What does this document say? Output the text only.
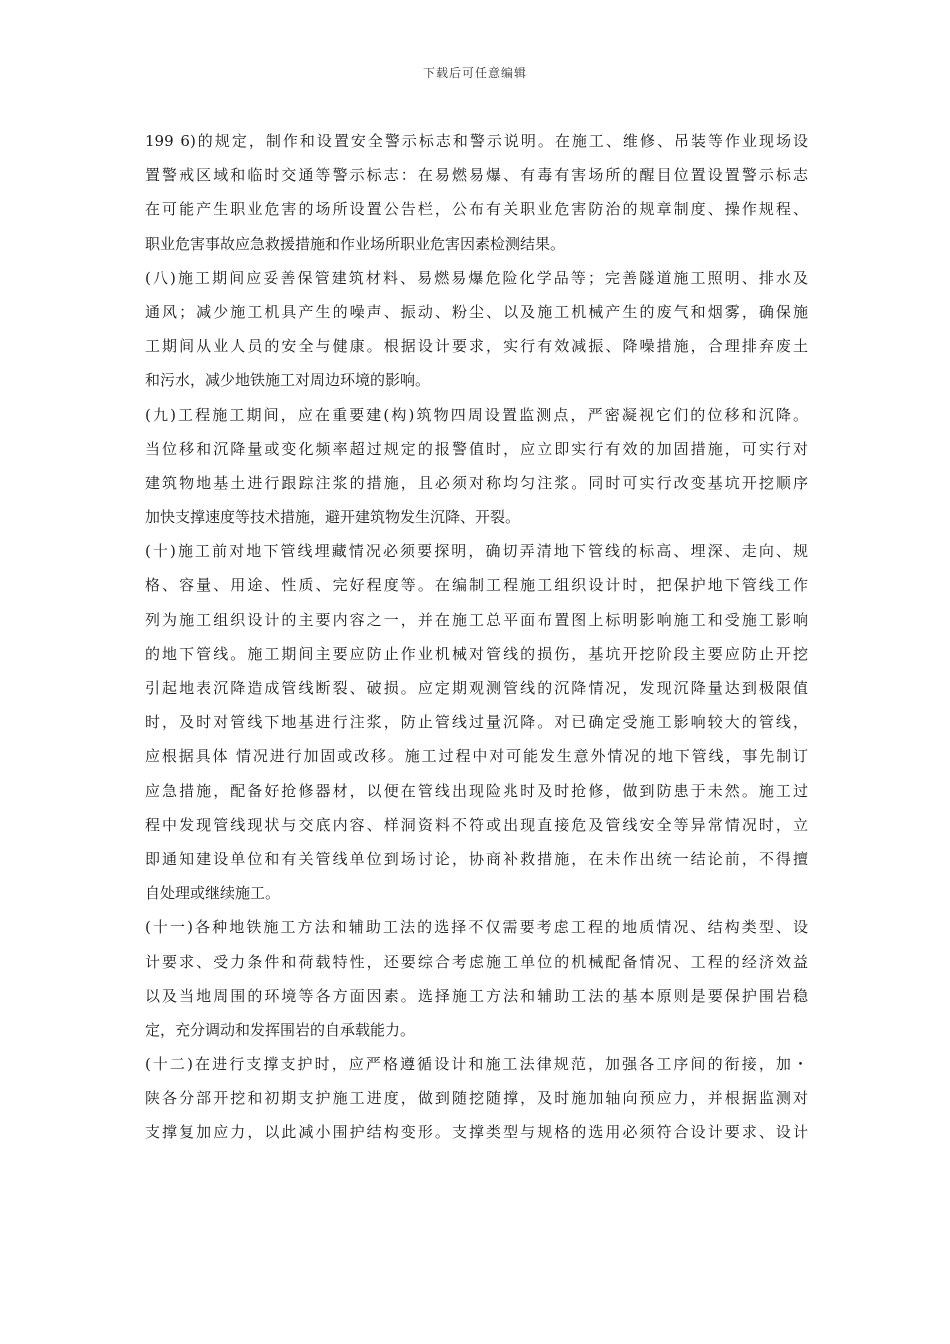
下载后可任意编辑
199 6)的规定，制作和设置安全警示标志和警示说明。在施工、维修、吊装等作业现场设
置警戒区域和临时交通等警示标志：在易燃易爆、有毒有害场所的醒目位置设置警示标志
在可能产生职业危害的场所设置公告栏，公布有关职业危害防治的规章制度、操作规程、
职业危害事故应急救援措施和作业场所职业危害因素检测结果。
(八)施工期间应妥善保管建筑材料、易燃易爆危险化学品等；完善隧道施工照明、排水及
通风；减少施工机具产生的噪声、振动、粉尘、以及施工机械产生的废气和烟雾，确保施
工期间从业人员的安全与健康。根据设计要求，实行有效减振、降噪措施，合理排弃废土
和污水，减少地铁施工对周边环境的影响。
(九)工程施工期间，应在重要建(构)筑物四周设置监测点，严密凝视它们的位移和沉降。
当位移和沉降量或变化频率超过规定的报警值时，应立即实行有效的加固措施，可实行对
建筑物地基土进行跟踪注浆的措施，且必须对称均匀注浆。同时可实行改变基坑开挖顺序
加快支撑速度等技术措施，避开建筑物发生沉降、开裂。
(十)施工前对地下管线埋藏情况必须要探明，确切弄清地下管线的标高、埋深、走向、规
格、容量、用途、性质、完好程度等。在编制工程施工组织设计时，把保护地下管线工作
列为施工组织设计的主要内容之一，并在施工总平面布置图上标明影响施工和受施工影响
的地下管线。施工期间主要应防止作业机械对管线的损伤，基坑开挖阶段主要应防止开挖
引起地表沉降造成管线断裂、破损。应定期观测管线的沉降情况，发现沉降量达到极限值
时，及时对管线下地基进行注浆，防止管线过量沉降。对已确定受施工影响较大的管线，
应根据具体 情况进行加固或改移。施工过程中对可能发生意外情况的地下管线，事先制订
应急措施，配备好抢修器材，以便在管线出现险兆时及时抢修，做到防患于未然。施工过
程中发现管线现状与交底内容、样洞资料不符或出现直接危及管线安全等异常情况时，立
即通知建设单位和有关管线单位到场讨论，协商补救措施，在未作出统一结论前，不得擅
自处理或继续施工。
(十一)各种地铁施工方法和辅助工法的选择不仅需要考虑工程的地质情况、结构类型、设
计要求、受力条件和荷载特性，还要综合考虑施工单位的机械配备情况、工程的经济效益
以及当地周围的环境等各方面因素。选择施工方法和辅助工法的基本原则是要保护围岩稳
定，充分调动和发挥围岩的自承载能力。
(十二)在进行支撑支护时，应严格遵循设计和施工法律规范，加强各工序间的衔接，加・
陕各分部开挖和初期支护施工进度，做到随挖随撑，及时施加轴向预应力，并根据监测对
支撑复加应力，以此减小围护结构变形。支撑类型与规格的选用必须符合设计要求、设计
